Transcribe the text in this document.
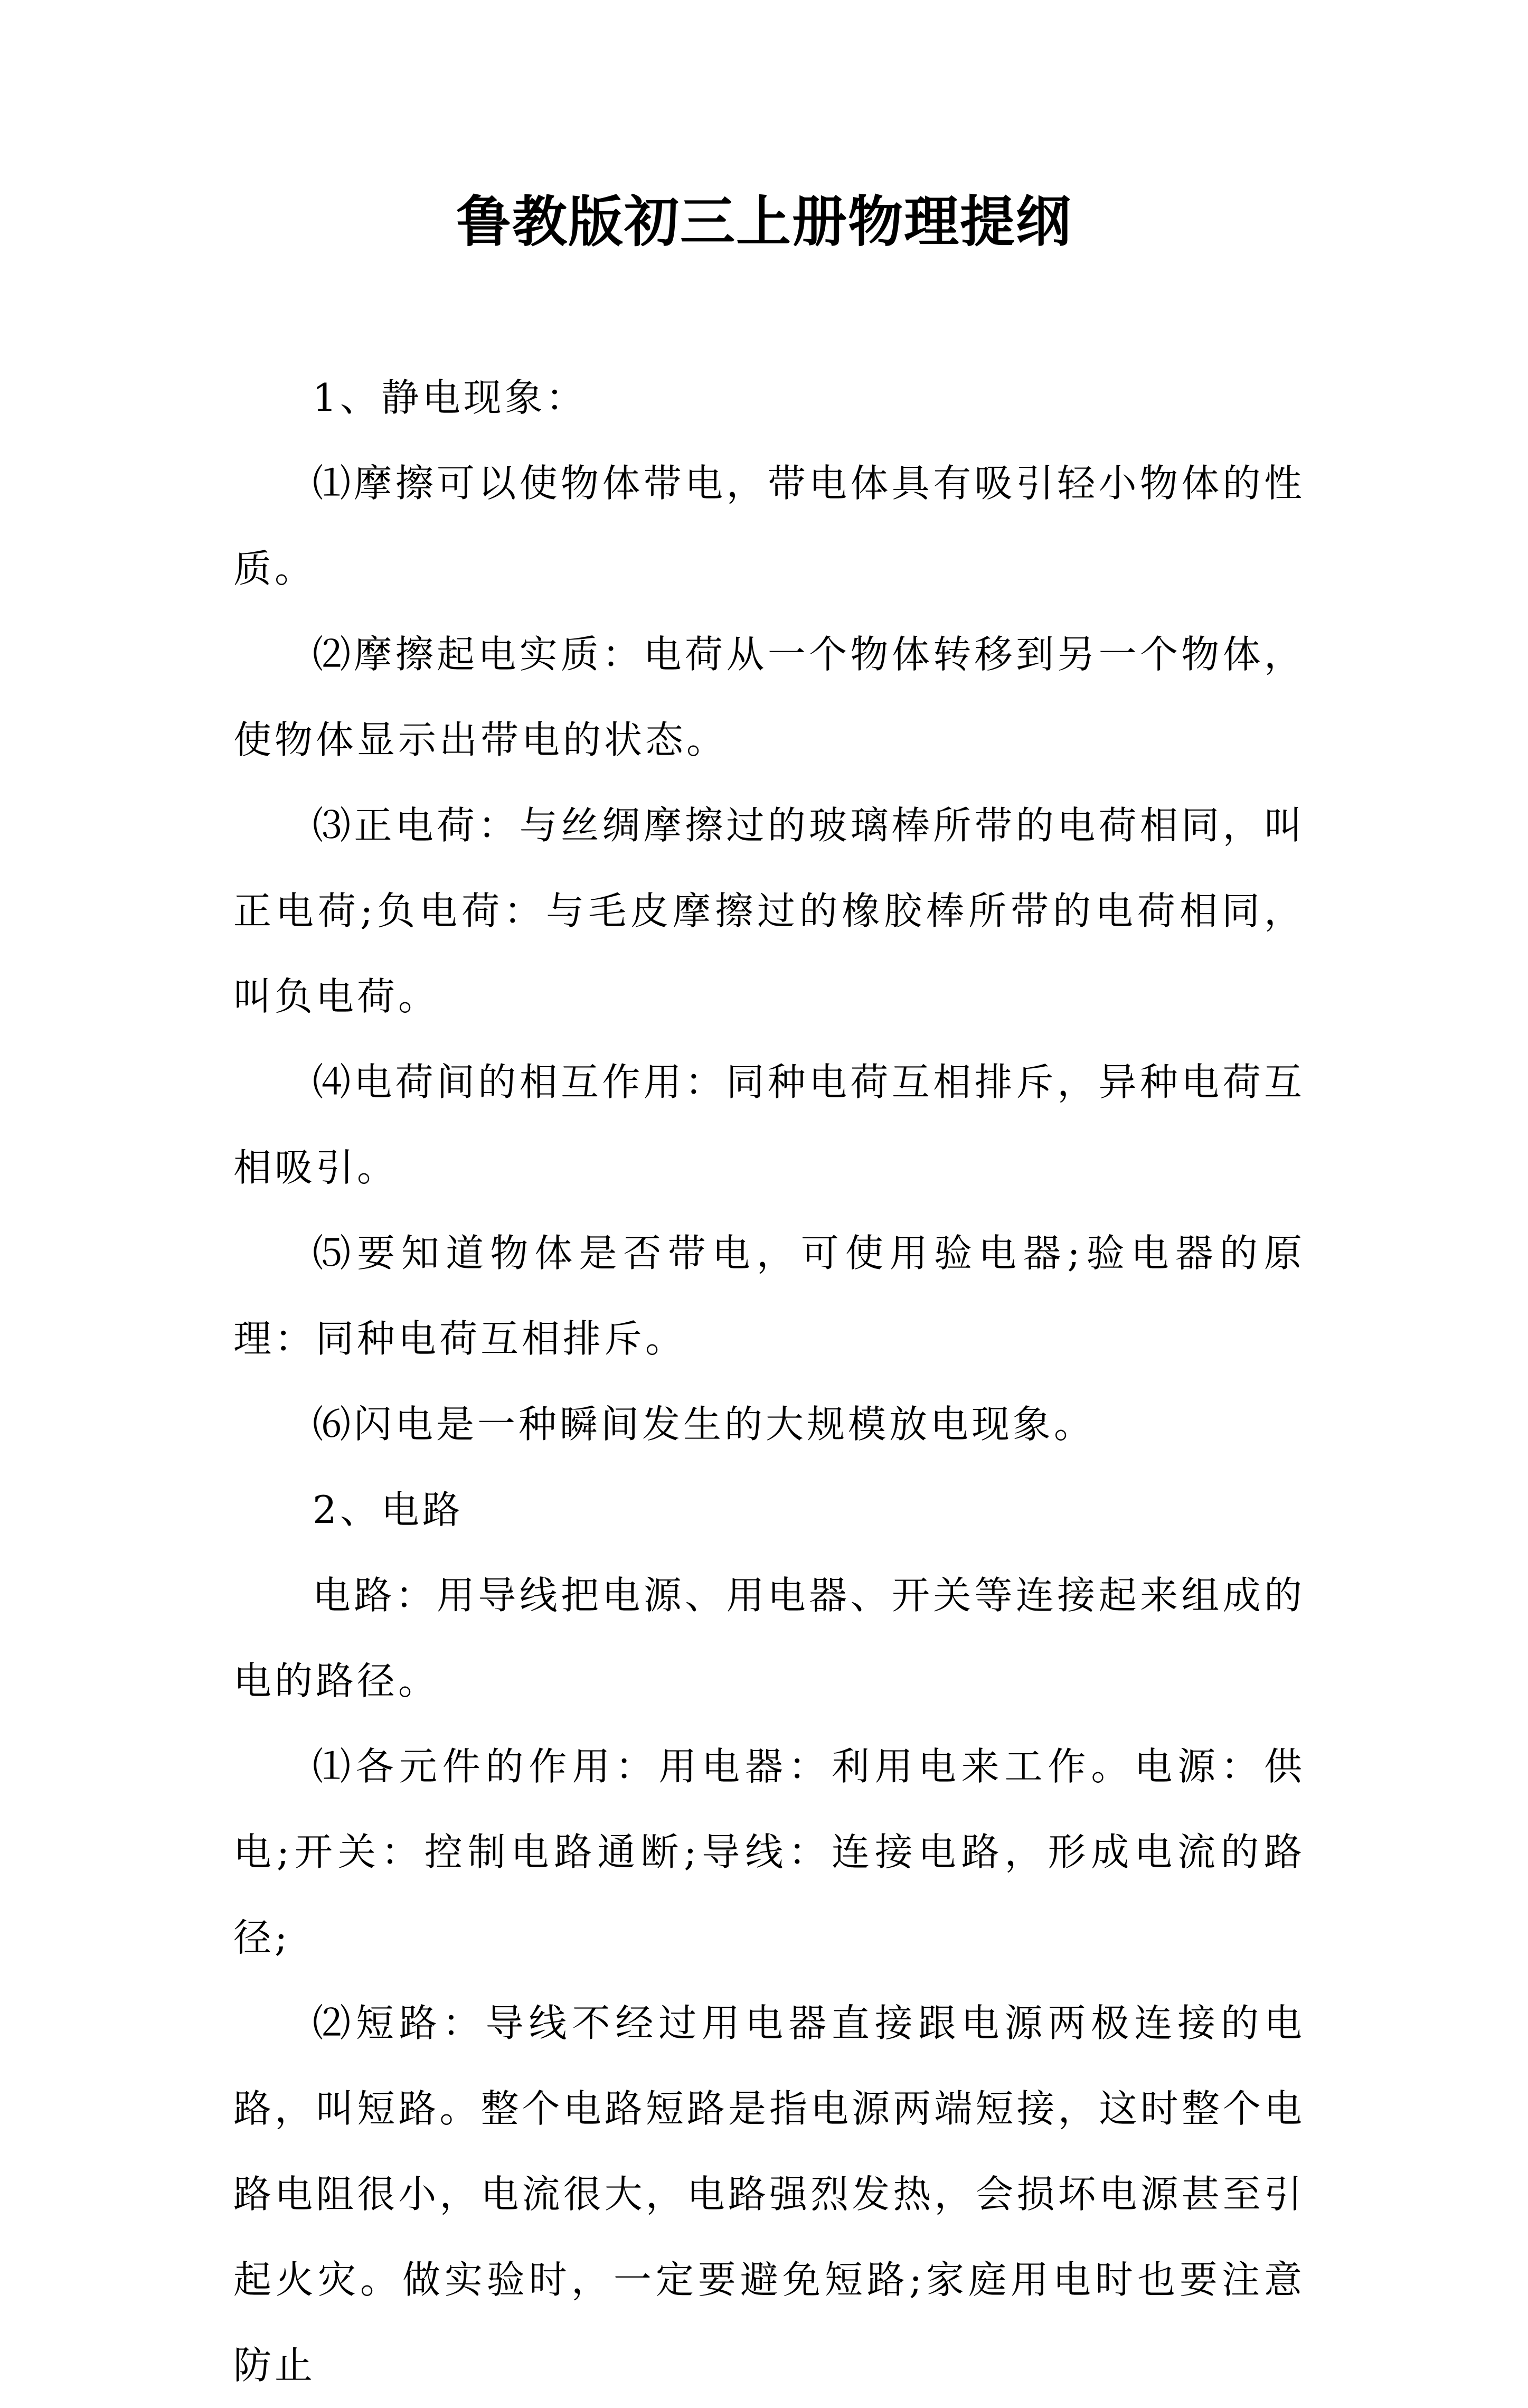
鲁教版初三上册物理提纲

1、静电现象：

⑴摩擦可以使物体带电，带电体具有吸引轻小物体的性质。

⑵摩擦起电实质：电荷从一个物体转移到另一个物体，使物体显示出带电的状态。

⑶正电荷：与丝绸摩擦过的玻璃棒所带的电荷相同，叫正电荷;负电荷：与毛皮摩擦过的橡胶棒所带的电荷相同，叫负电荷。

⑷电荷间的相互作用：同种电荷互相排斥，异种电荷互相吸引。

⑸要知道物体是否带电，可使用验电器;验电器的原理：同种电荷互相排斥。

⑹闪电是一种瞬间发生的大规模放电现象。

2、电路

电路：用导线把电源、用电器、开关等连接起来组成的电的路径。

⑴各元件的作用：用电器：利用电来工作。电源：供电;开关：控制电路通断;导线：连接电路，形成电流的路径;

⑵短路：导线不经过用电器直接跟电源两极连接的电路，叫短路。整个电路短路是指电源两端短接，这时整个电路电阻很小，电流很大，电路强烈发热，会损坏电源甚至引起火灾。做实验时，一定要避免短路;家庭用电时也要注意防止
